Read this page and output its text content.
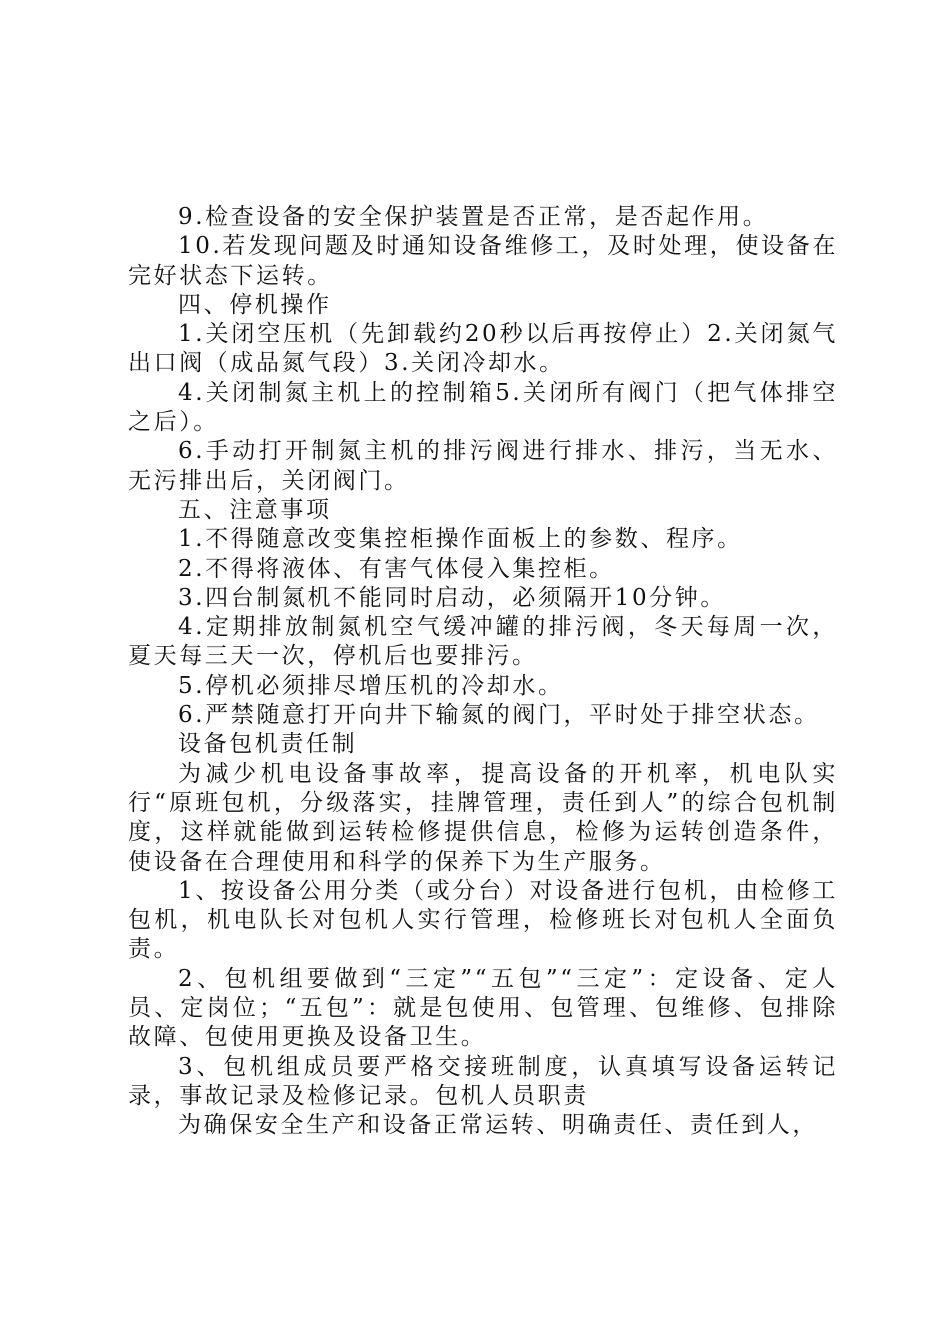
9.检查设备的安全保护装置是否正常，是否起作用。

10.若发现问题及时通知设备维修工，及时处理，使设备在完好状态下运转。

四、停机操作

1.关闭空压机（先卸载约20秒以后再按停止）2.关闭氮气出口阀（成品氮气段）3.关闭冷却水。

4.关闭制氮主机上的控制箱5.关闭所有阀门（把气体排空之后）。

6.手动打开制氮主机的排污阀进行排水、排污，当无水、无污排出后，关闭阀门。

五、注意事项

1.不得随意改变集控柜操作面板上的参数、程序。

2.不得将液体、有害气体侵入集控柜。

3.四台制氮机不能同时启动，必须隔开10分钟。

4.定期排放制氮机空气缓冲罐的排污阀，冬天每周一次，夏天每三天一次，停机后也要排污。

5.停机必须排尽增压机的冷却水。

6.严禁随意打开向井下输氮的阀门，平时处于排空状态。

设备包机责任制

为减少机电设备事故率，提高设备的开机率，机电队实行“原班包机，分级落实，挂牌管理，责任到人”的综合包机制度，这样就能做到运转检修提供信息，检修为运转创造条件，使设备在合理使用和科学的保养下为生产服务。

1、按设备公用分类（或分台）对设备进行包机，由检修工包机，机电队长对包机人实行管理，检修班长对包机人全面负责。

2、包机组要做到“三定”“五包”“三定”：定设备、定人员、定岗位；“五包”：就是包使用、包管理、包维修、包排除故障、包使用更换及设备卫生。

3、包机组成员要严格交接班制度，认真填写设备运转记录，事故记录及检修记录。包机人员职责

为确保安全生产和设备正常运转、明确责任、责任到人，
